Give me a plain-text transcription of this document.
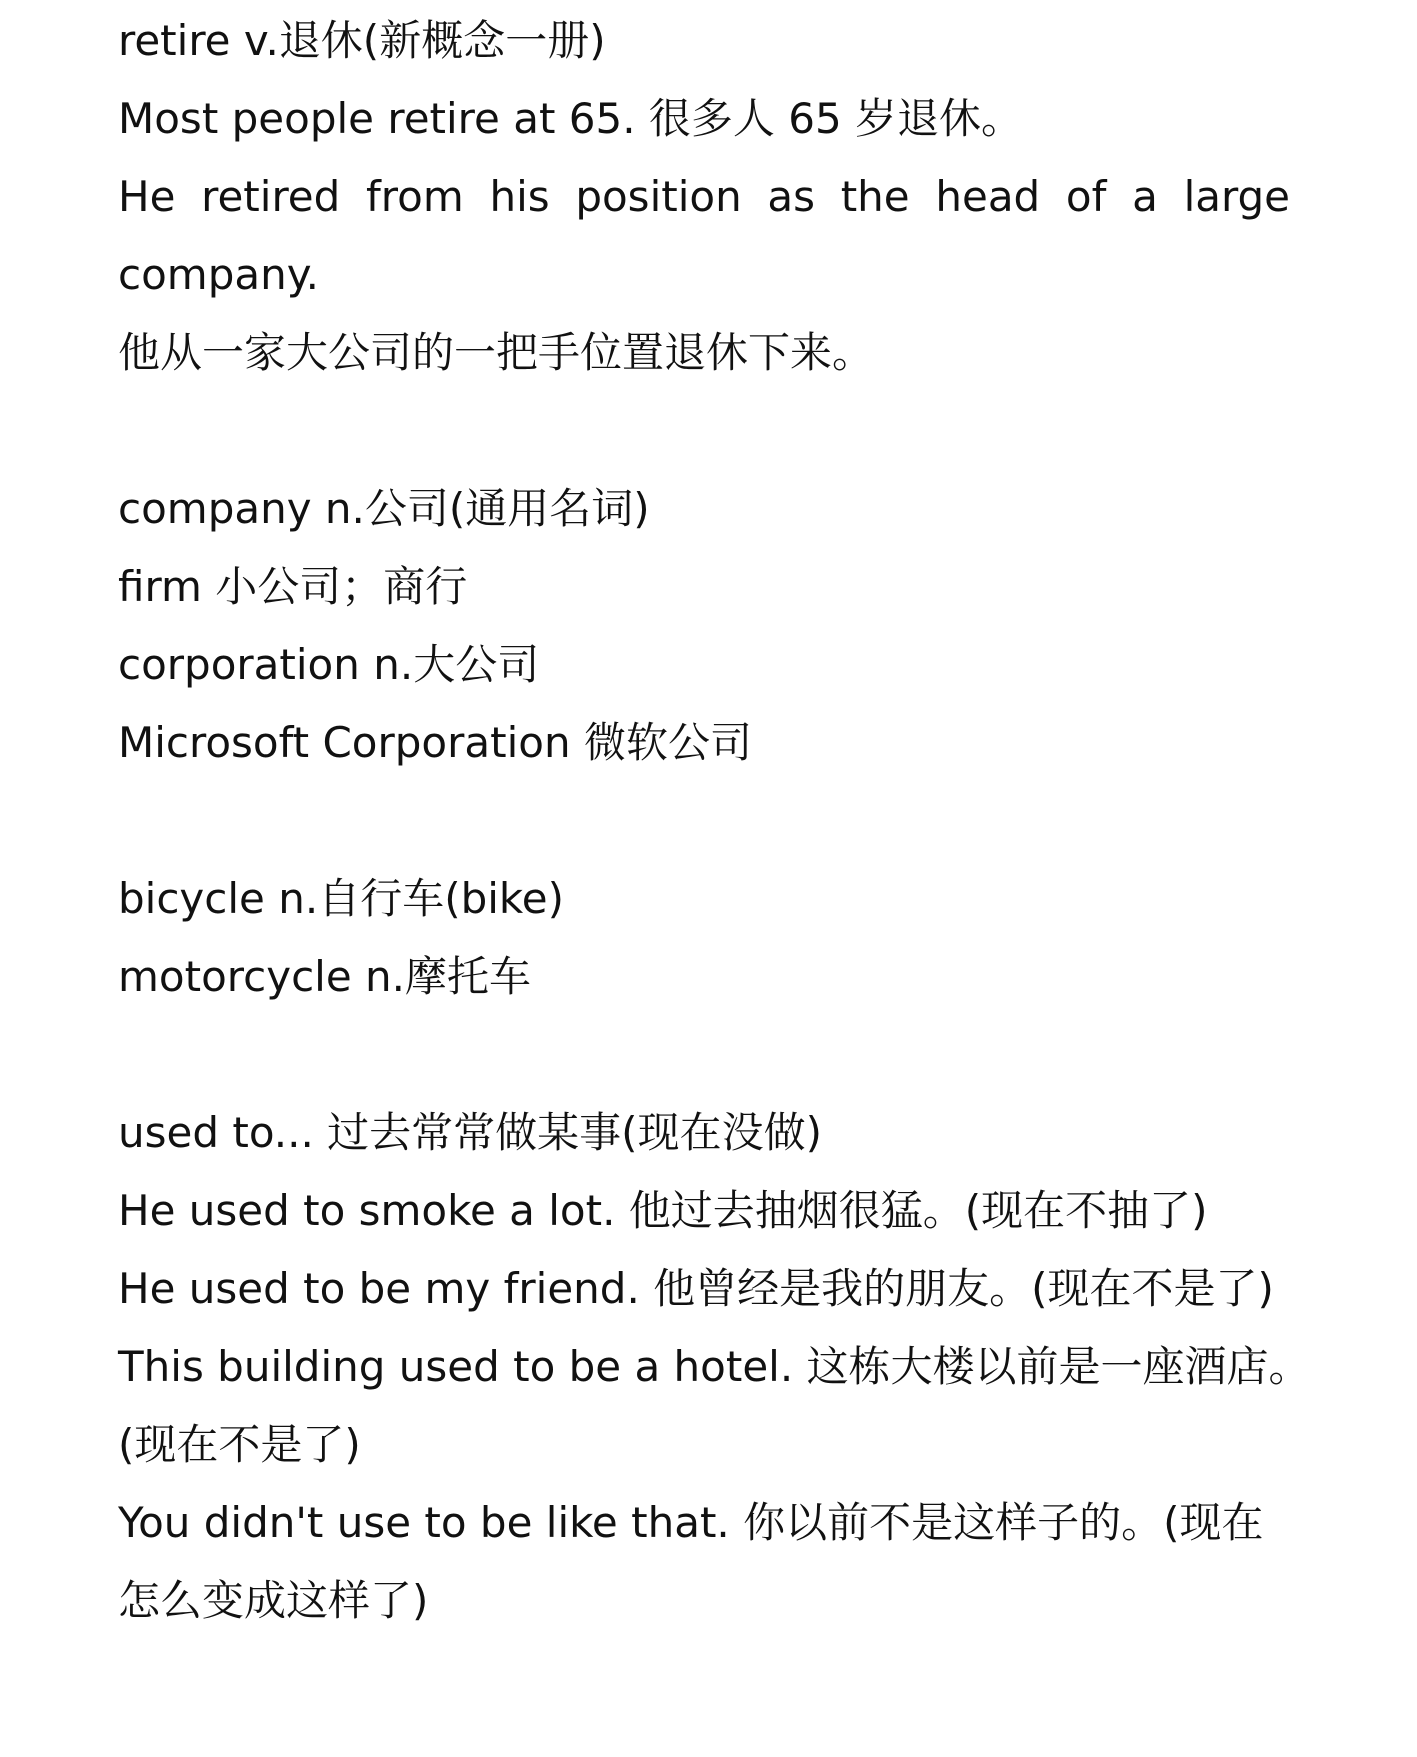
retire v.退休(新概念一册)
Most people retire at 65. 很多人 65 岁退休。
He retired from his position as the head of a large
company.
他从一家大公司的一把手位置退休下来。
company n.公司(通用名词)
firm 小公司；商行
corporation n.大公司
Microsoft Corporation 微软公司
bicycle n.自行车(bike)
motorcycle n.摩托车
used to... 过去常常做某事(现在没做)
He used to smoke a lot. 他过去抽烟很猛。(现在不抽了)
He used to be my friend. 他曾经是我的朋友。(现在不是了)
This building used to be a hotel. 这栋大楼以前是一座酒店。
(现在不是了)
You didn't use to be like that. 你以前不是这样子的。(现在
怎么变成这样了)
